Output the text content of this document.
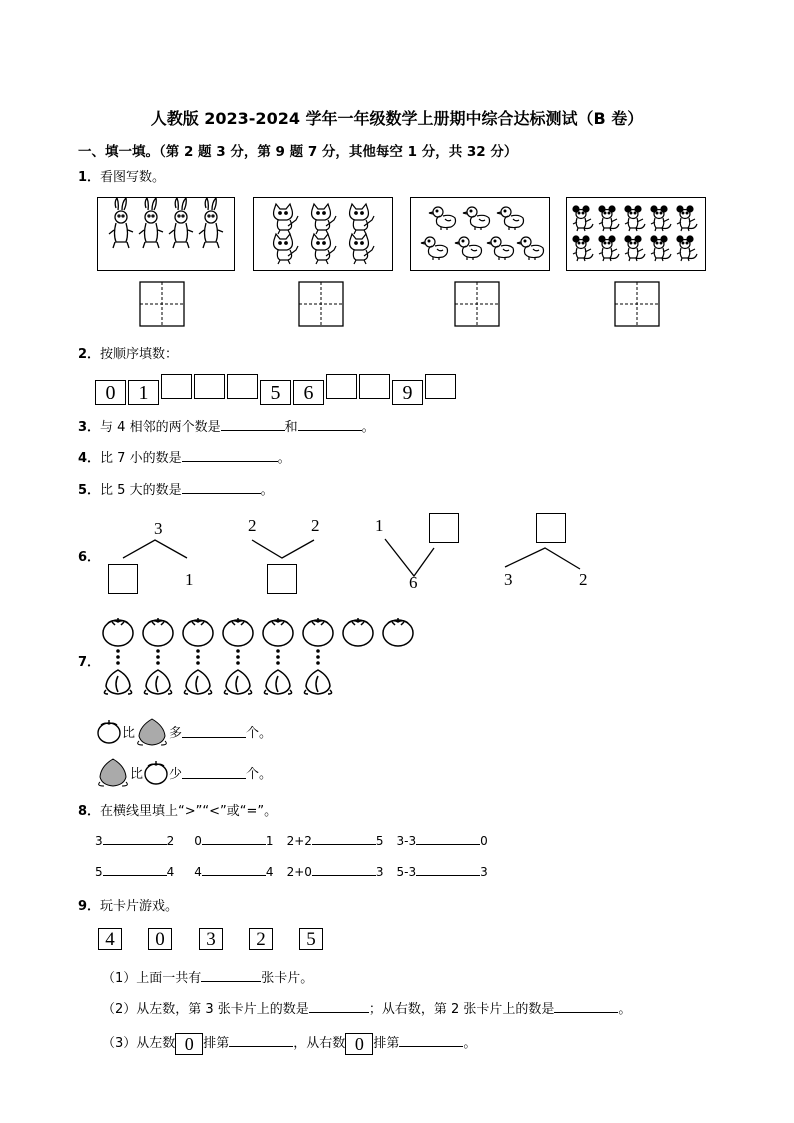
人教版 2023-2024 学年一年级数学上册期中综合达标测试（B 卷）
一、填一填。（第 2 题 3 分，第 9 题 7 分，其他每空 1 分，共 32 分）
1．看图写数。
2．按顺序填数：
0 1	5 6	9
3．与 4 相邻的两个数是	和	。
4．比 7 小的数是	。
5．比 5 大的数是	。
6．
3
1
2	2	1
6	3	2
7．
比	多	个。
比 少	个。
8．在横线里填上“>”“<”或“=”。
3	2 0	1 2+2	5 3-3	0
5	4 4	4 2+0	3 5-3	3
9．玩卡片游戏。
4	0	3	2	5
（1）上面一共有	张卡片。
（2）从左数，第 3 张卡片上的数是	；从右数，第 2 张卡片上的数是	。
（3）从左数 0 排第	，从右数 0 排第	。
